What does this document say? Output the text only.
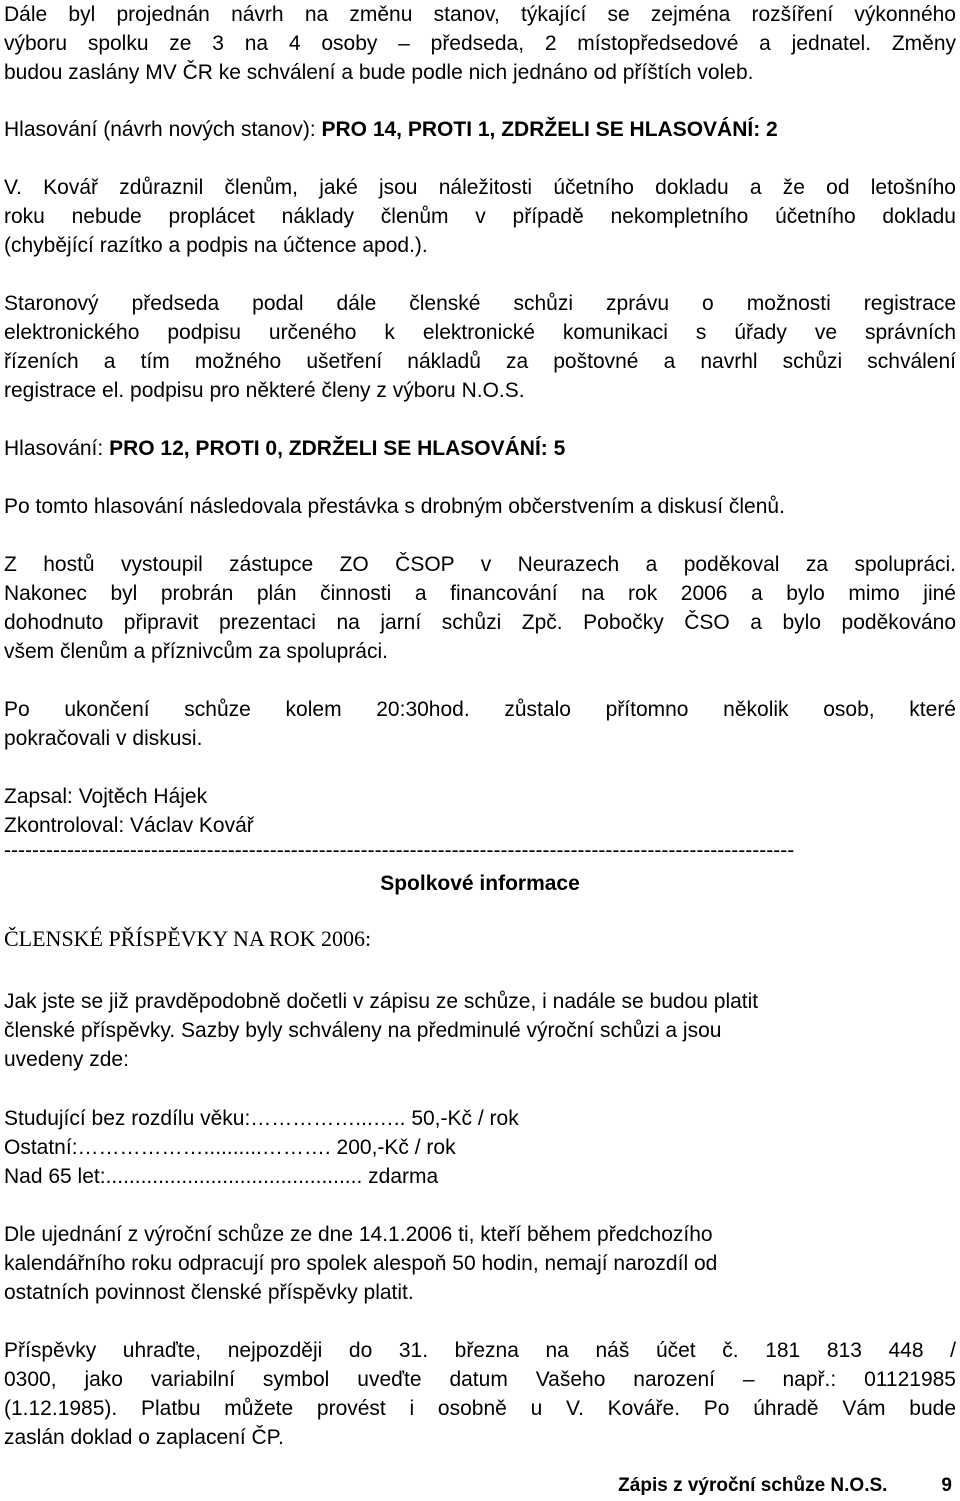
Dále byl projednán návrh na změnu stanov, týkající se zejména rozšíření výkonného

výboru spolku ze 3 na 4 osoby – předseda, 2 místopředsedové a jednatel. Změny

budou zaslány MV ČR ke schválení a bude podle nich jednáno od příštích voleb.

Hlasování (návrh nových stanov): PRO 14, PROTI 1, ZDRŽELI SE HLASOVÁNÍ: 2

V. Kovář zdůraznil členům, jaké jsou náležitosti účetního dokladu a že od letošního

roku nebude proplácet náklady členům v případě nekompletního účetního dokladu

(chybějící razítko a podpis na účtence apod.).

Staronový předseda podal dále členské schůzi zprávu o možnosti registrace

elektronického podpisu určeného k elektronické komunikaci s úřady ve správních

řízeních a tím možného ušetření nákladů za poštovné a navrhl schůzi schválení

registrace el. podpisu pro některé členy z výboru N.O.S.

Hlasování: PRO 12, PROTI 0, ZDRŽELI SE HLASOVÁNÍ: 5

Po tomto hlasování následovala přestávka s drobným občerstvením a diskusí členů.

Z hostů vystoupil zástupce ZO ČSOP v Neurazech a poděkoval za spolupráci.

Nakonec byl probrán plán činnosti a financování na rok 2006 a bylo mimo jiné

dohodnuto připravit prezentaci na jarní schůzi Zpč. Pobočky ČSO a bylo poděkováno

všem členům a příznivcům za spolupráci.

Po ukončení schůze kolem 20:30hod. zůstalo přítomno několik osob, které

pokračovali v diskusi.

Zapsal: Vojtěch Hájek

Zkontroloval: Václav Kovář

-----------------------------------------------------------------------------------------------------------------

Spolkové informace

ČLENSKÉ PŘÍSPĚVKY NA ROK 2006:

Jak jste se již pravděpodobně dočetli v zápisu ze schůze, i nadále se budou platit

členské příspěvky. Sazby byly schváleny na předminulé výroční schůzi a jsou

uvedeny zde:

Studující bez rozdílu věku:……………...….. 50,-Kč / rok

Ostatní:………………..........………. 200,-Kč / rok

Nad 65 let:............................................ zdarma

Dle ujednání z výroční schůze ze dne 14.1.2006 ti, kteří během předchozího

kalendářního roku odpracují pro spolek alespoň 50 hodin, nemají narozdíl od

ostatních povinnost členské příspěvky platit.

Příspěvky uhraďte, nejpozději do 31. března na náš účet č. 181 813 448 /

0300, jako variabilní symbol uveďte datum Vašeho narození – např.: 01121985

(1.12.1985). Platbu můžete provést i osobně u V. Kováře. Po úhradě Vám bude

zaslán doklad o zaplacení ČP.

Zápis z výroční schůze N.O.S.	9
